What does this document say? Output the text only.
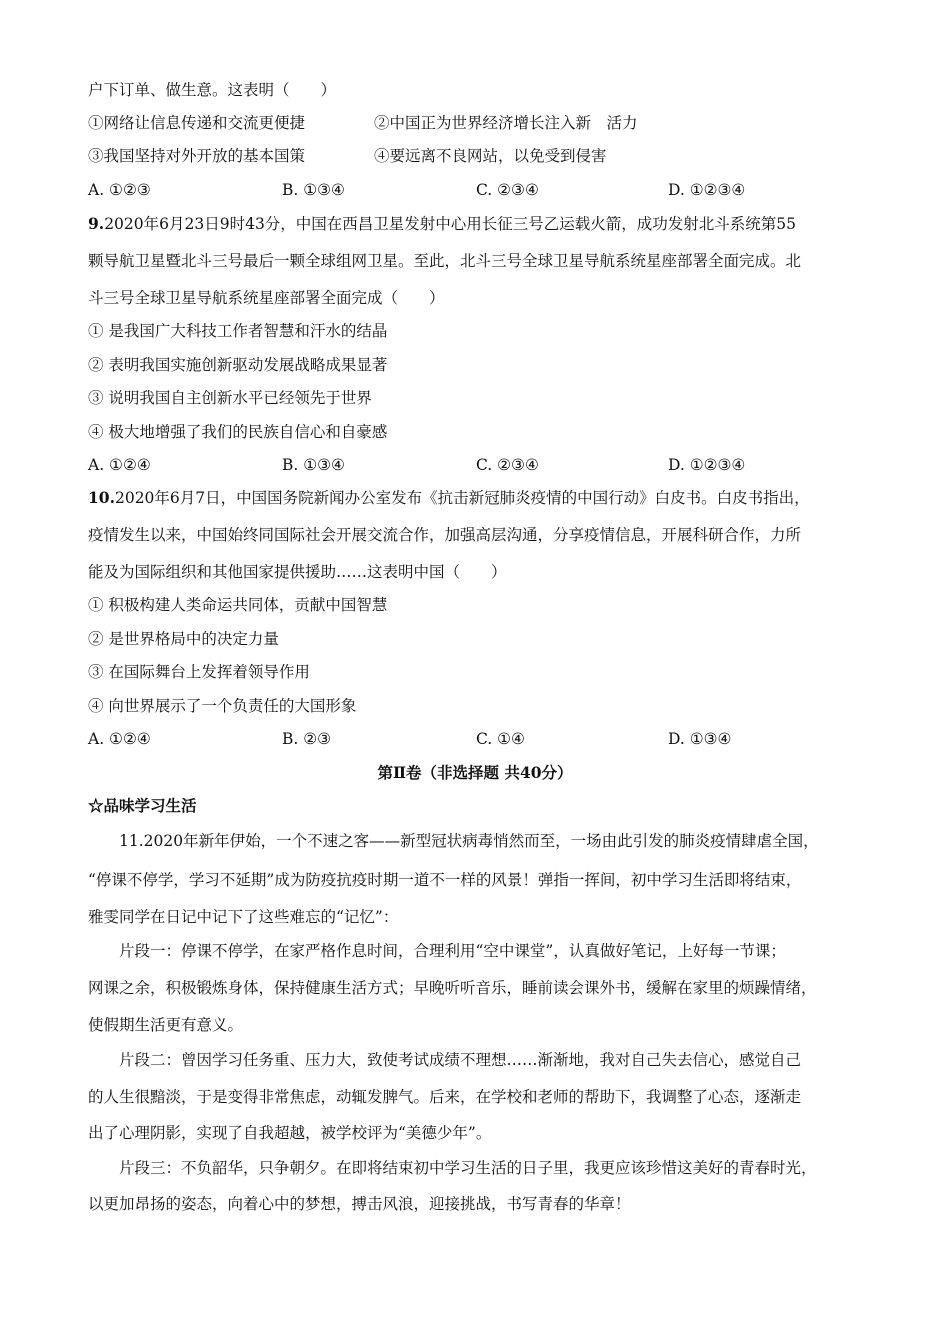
户下订单、做生意。这表明（　　）
①网络让信息传递和交流更便捷	②中国正为世界经济增长注入新　活力
③我国坚持对外开放的基本国策	④要远离不良网站，以免受到侵害
A. ①②③	B. ①③④	C. ②③④	D. ①②③④
9.2020年6月23日9时43分，中国在西昌卫星发射中心用长征三号乙运载火箭，成功发射北斗系统第55
颗导航卫星暨北斗三号最后一颗全球组网卫星。至此，北斗三号全球卫星导航系统星座部署全面完成。北
斗三号全球卫星导航系统星座部署全面完成（　　）
① 是我国广大科技工作者智慧和汗水的结晶
② 表明我国实施创新驱动发展战略成果显著
③ 说明我国自主创新水平已经领先于世界
④ 极大地增强了我们的民族自信心和自豪感
A. ①②④	B. ①③④	C. ②③④	D. ①②③④
10.2020年6月7日，中国国务院新闻办公室发布《抗击新冠肺炎疫情的中国行动》白皮书。白皮书指出，
疫情发生以来，中国始终同国际社会开展交流合作，加强高层沟通，分享疫情信息，开展科研合作，力所
能及为国际组织和其他国家提供援助……这表明中国（　　）
① 积极构建人类命运共同体，贡献中国智慧
② 是世界格局中的决定力量
③ 在国际舞台上发挥着领导作用
④ 向世界展示了一个负责任的大国形象
A. ①②④	B. ②③	C. ①④	D. ①③④
第Ⅱ卷（非选择题 共40分）
☆品味学习生活
11.2020年新年伊始，一个不速之客——新型冠状病毒悄然而至，一场由此引发的肺炎疫情肆虐全国，
“停课不停学，学习不延期”成为防疫抗疫时期一道不一样的风景！弹指一挥间，初中学习生活即将结束，
雅雯同学在日记中记下了这些难忘的“记忆”：
片段一：停课不停学，在家严格作息时间，合理利用“空中课堂”，认真做好笔记，上好每一节课；
网课之余，积极锻炼身体，保持健康生活方式；早晚听听音乐，睡前读会课外书，缓解在家里的烦躁情绪，
使假期生活更有意义。
片段二：曾因学习任务重、压力大，致使考试成绩不理想……渐渐地，我对自己失去信心，感觉自己
的人生很黯淡，于是变得非常焦虑，动辄发脾气。后来，在学校和老师的帮助下，我调整了心态，逐渐走
出了心理阴影，实现了自我超越，被学校评为“美德少年”。
片段三：不负韶华，只争朝夕。在即将结束初中学习生活的日子里，我更应该珍惜这美好的青春时光，
以更加昂扬的姿态，向着心中的梦想，搏击风浪，迎接挑战，书写青春的华章！
